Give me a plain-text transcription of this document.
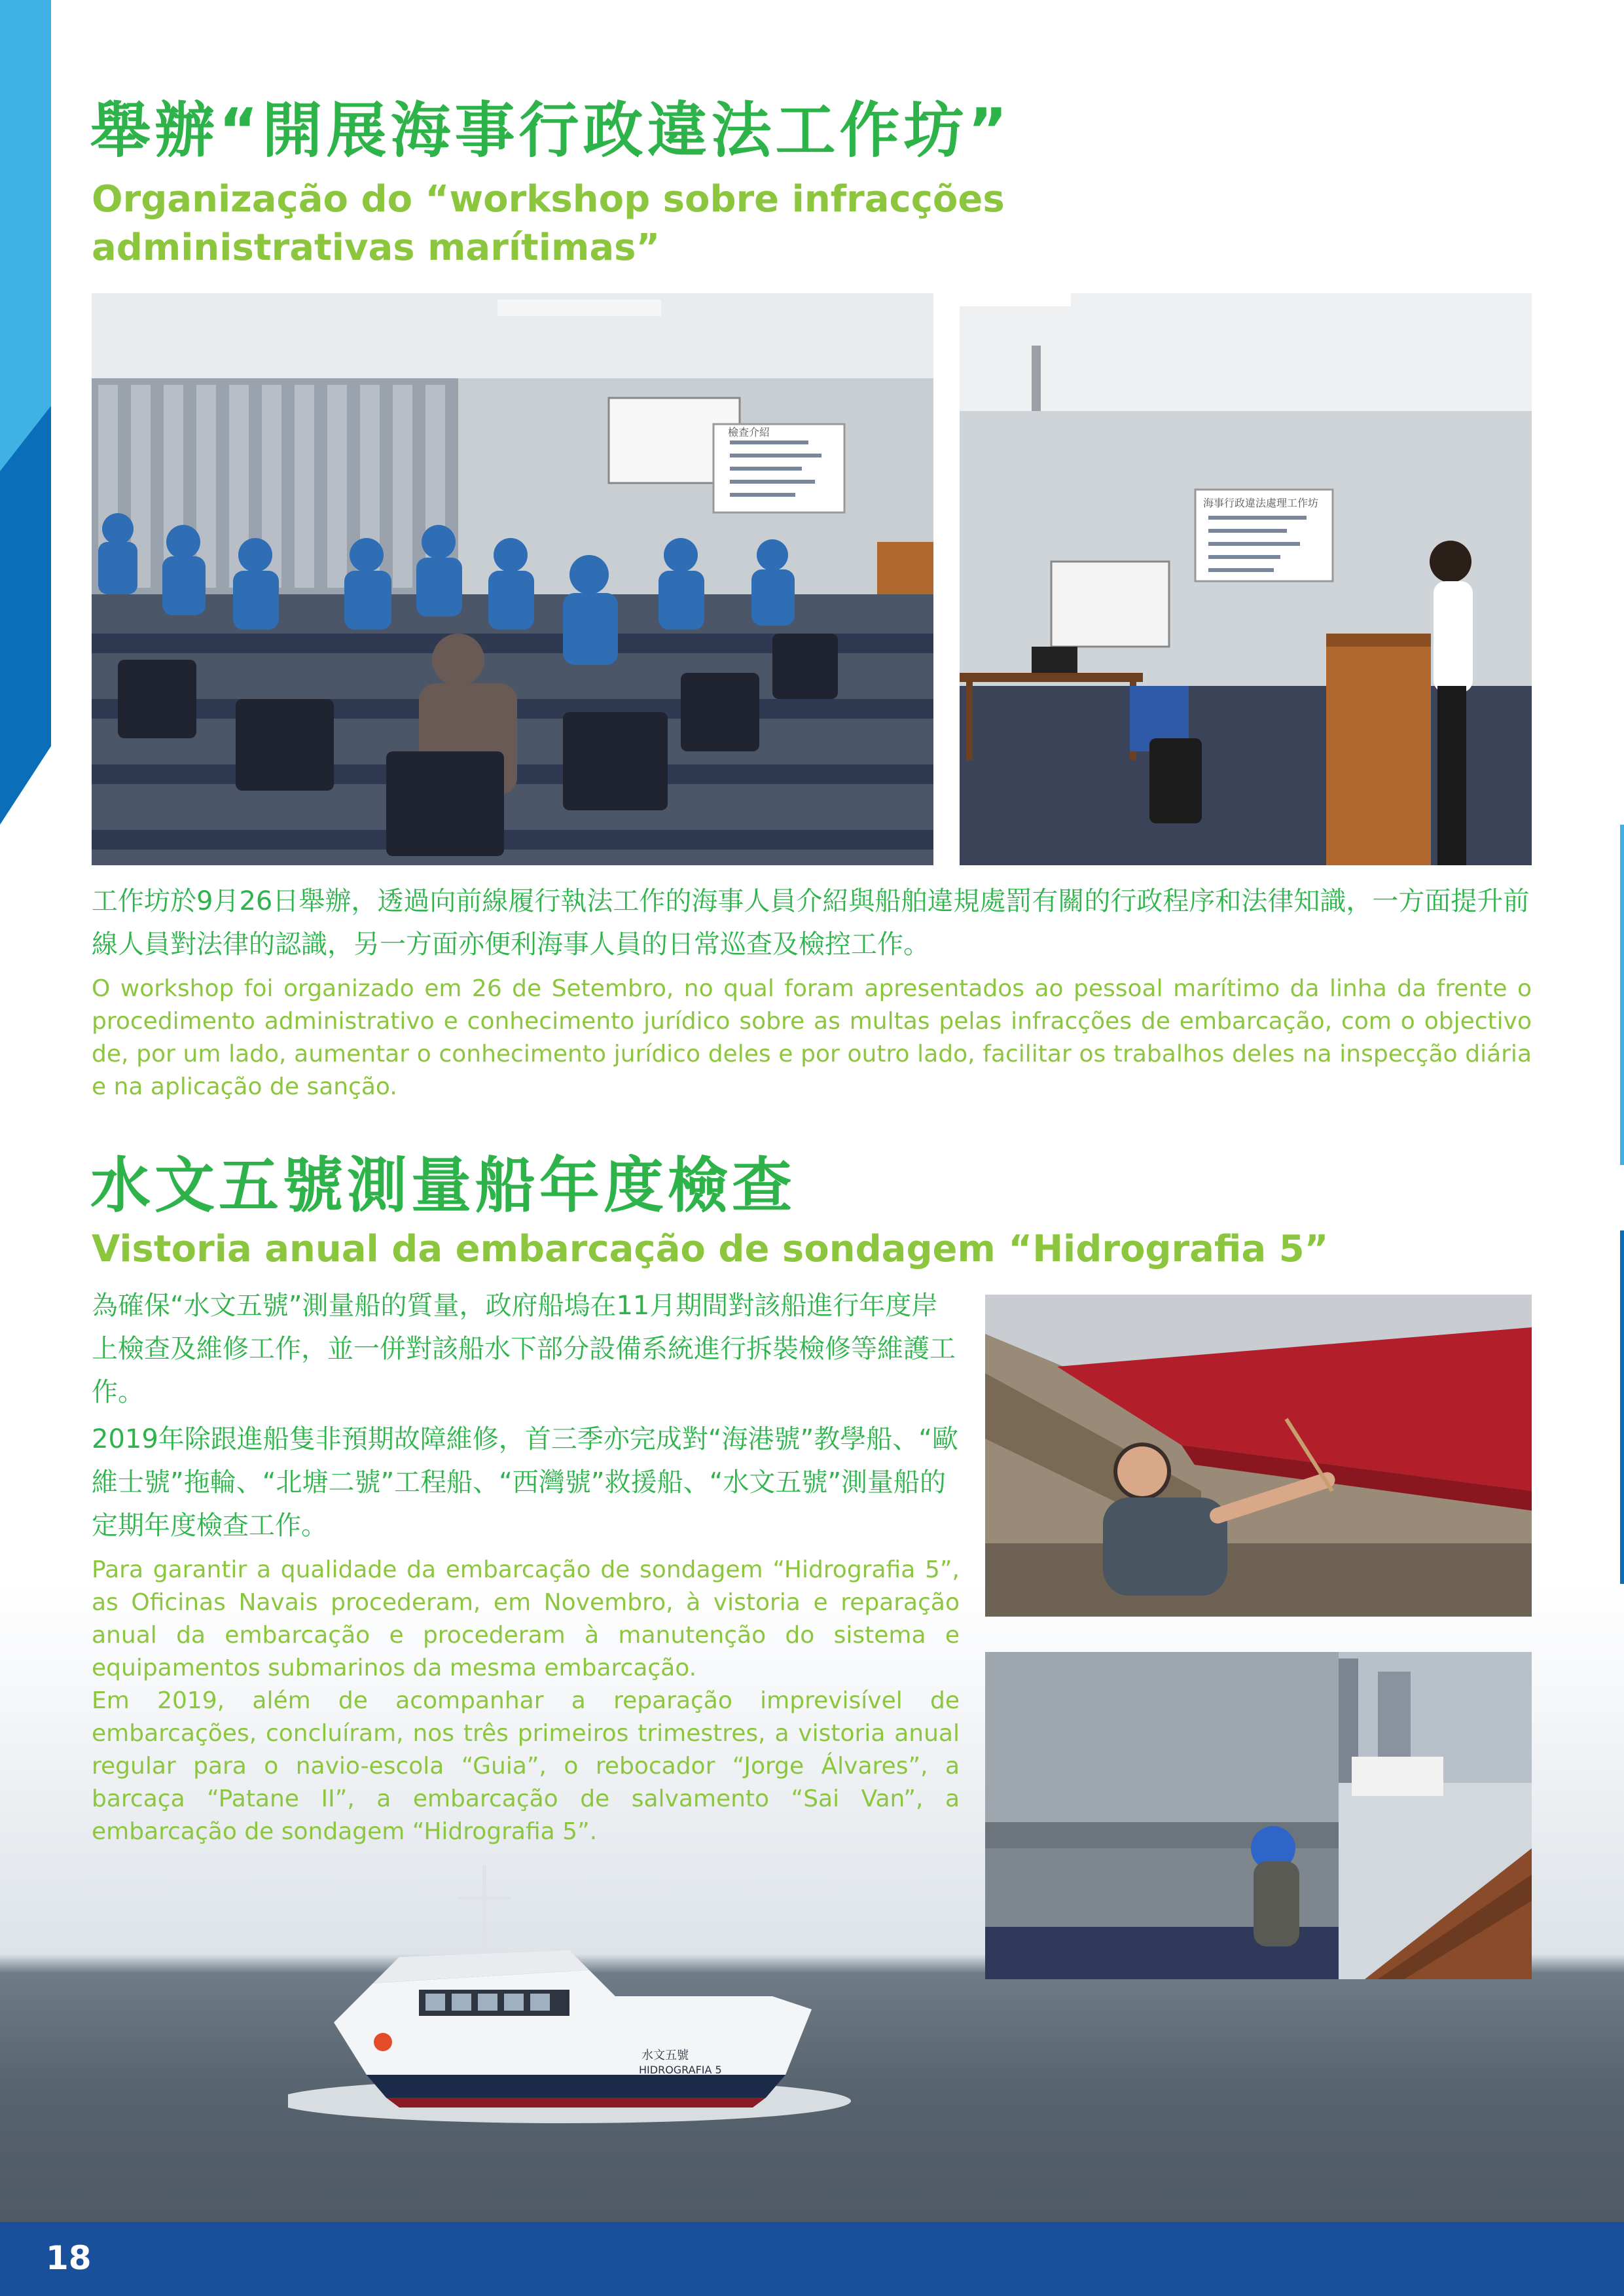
舉辦“開展海事行政違法工作坊”
Organização do “workshop sobre infracções administrativas marítimas”
檢查介紹
海事行政違法處理工作坊
工作坊於9月26日舉辦，透過向前線履行執法工作的海事人員介紹與船舶違規處罰有關的行政程序和法律知識，一方面提升前線人員對法律的認識，另一方面亦便利海事人員的日常巡查及檢控工作。
O workshop foi organizado em 26 de Setembro, no qual foram apresentados ao pessoal marítimo da linha da frente o procedimento administrativo e conhecimento jurídico sobre as multas pelas infracções de embarcação, com o objectivo de, por um lado, aumentar o conhecimento jurídico deles e por outro lado, facilitar os trabalhos deles na inspecção diária e na aplicação de sanção.
水文五號測量船年度檢查
Vistoria anual da embarcação de sondagem “Hidrografia 5”
為確保“水文五號”測量船的質量，政府船塢在11月期間對該船進行年度岸上檢查及維修工作，並一併對該船水下部分設備系統進行拆裝檢修等維護工作。
2019年除跟進船隻非預期故障維修，首三季亦完成對“海港號”教學船、“歐維士號”拖輪、“北塘二號”工程船、“西灣號”救援船、“水文五號”測量船的定期年度檢查工作。
Para garantir a qualidade da embarcação de sondagem “Hidrografia 5”, as Oficinas Navais procederam, em Novembro, à vistoria e reparação anual da embarcação e procederam à manutenção do sistema e equipamentos submarinos da mesma embarcação.
Em 2019, além de acompanhar a reparação imprevisível de embarcações, concluíram, nos três primeiros trimestres, a vistoria anual regular para o navio-escola “Guia”, o rebocador “Jorge Álvares”, a barcaça “Patane II”, a embarcação de salvamento “Sai Van”, a embarcação de sondagem “Hidrografia 5”.
水文五號
HIDROGRAFIA 5
18
